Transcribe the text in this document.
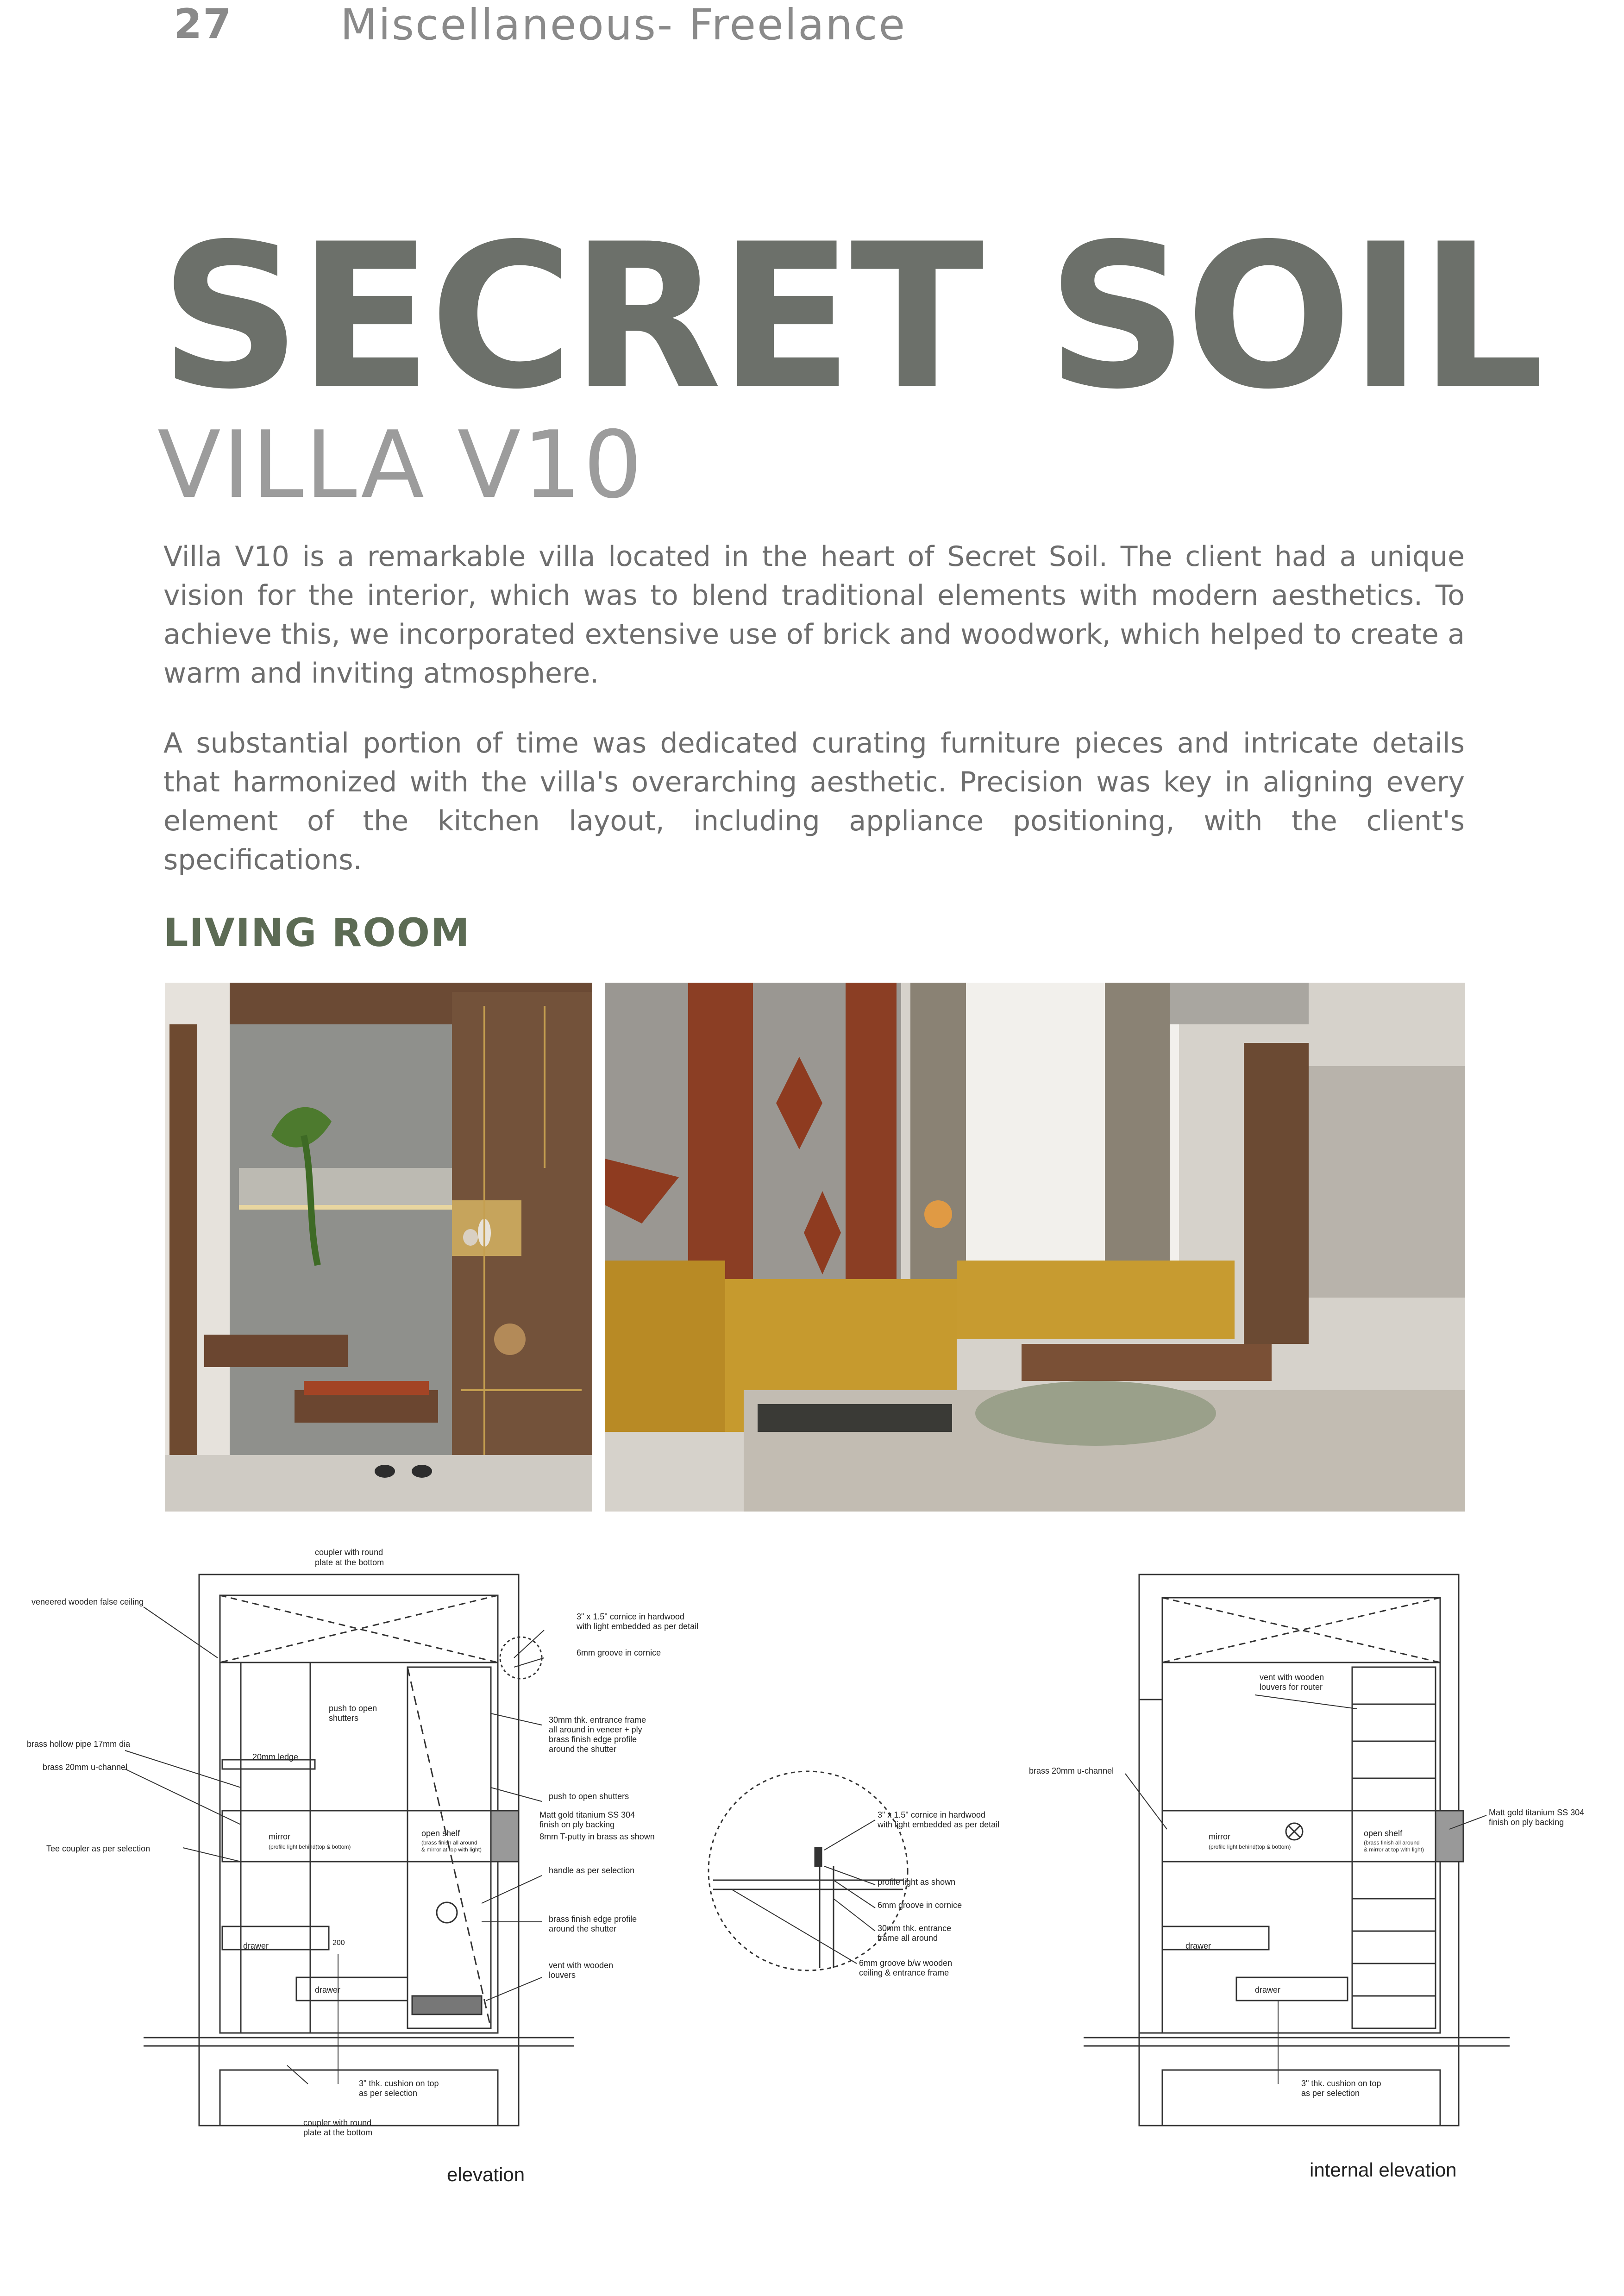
27	Miscellaneous- Freelance
SECRET SOIL
VILLA V10

Villa V10 is a remarkable villa located in the heart of Secret Soil. The client had a unique vision for the interior, which was to blend traditional elements with modern aesthetics. To achieve this, we incorporated extensive use of brick and woodwork, which helped to create a warm and inviting atmosphere.

A substantial portion of time was dedicated curating furniture pieces and intricate details that harmonized with the villa's overarching aesthetic. Precision was key in aligning every element of the kitchen layout, including appliance positioning, with the client's specifications.

LIVING ROOM
coupler with round
plate at the bottom
veneered wooden false ceiling
3" x 1.5" cornice in hardwood
with light embedded as per detail
6mm groove in cornice
push to open
shutters	30mm thk. entrance frame
all around in veneer + ply
brass finish edge profile
around the shutter
brass hollow pipe 17mm dia
20mm ledge
brass 20mm u-channel
push to open shutters
Matt gold titanium SS 304
finish on ply backing
8mm T-putty in brass as shown
Tee coupler as per selection
mirror
(profile light behind(top & bottom)
open shelf
(brass finish all around
& mirror at top with light)
handle as per selection
brass finish edge profile
around the shutter
drawer	200
vent with wooden
louvers
drawer
3" thk. cushion on top
as per selection
coupler with round
plate at the bottom
3" x 1.5" cornice in hardwood
with light embedded as per detail
profile light as shown
6mm groove in cornice
30mm thk. entrance
frame all around
6mm groove b/w wooden
ceiling & entrance frame
vent with wooden
louvers for router
brass 20mm u-channel
Matt gold titanium SS 304
finish on ply backing
mirror
(profile light behind(top & bottom)
open shelf
(brass finish all around
& mirror at top with light)
drawer
drawer
3" thk. cushion on top
as per selection
elevation	internal elevation
